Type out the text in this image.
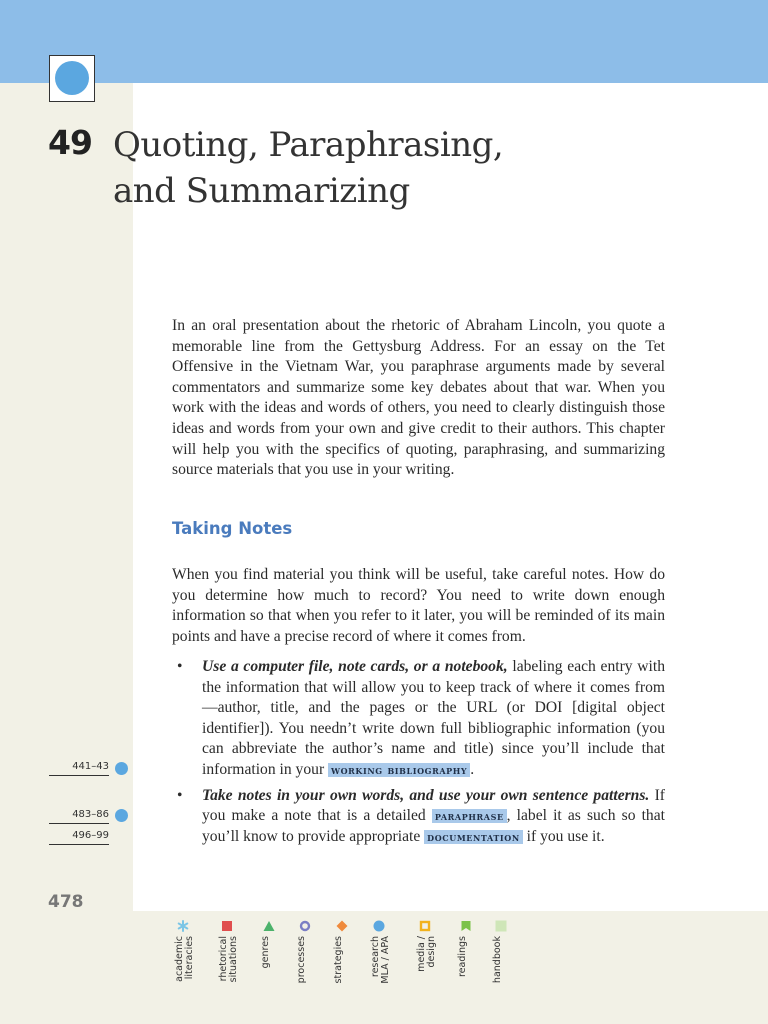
49 Quoting, Paraphrasing,
and Summarizing

In an oral presentation about the rhetoric of Abraham Lincoln, you quote a memorable line from the Gettysburg Address. For an essay on the Tet Offensive in the Vietnam War, you paraphrase arguments made by several commentators and summarize some key debates about that war. When you work with the ideas and words of others, you need to clearly distinguish those ideas and words from your own and give credit to their authors. This chapter will help you with the specifics of quoting, paraphrasing, and summarizing source materials that you use in your writing.

Taking Notes

When you find material you think will be useful, take careful notes. How do you determine how much to record? You need to write down enough information so that when you refer to it later, you will be reminded of its main points and have a precise record of where it comes from.

• Use a computer file, note cards, or a notebook, labeling each entry with the information that will allow you to keep track of where it comes from—author, title, and the pages or the URL (or DOI [digital object identifier]). You needn’t write down full bibliographic information (you can abbreviate the author’s name and title) since you’ll include that information in your working bibliography .
• Take notes in your own words, and use your own sentence patterns. If you make a note that is a detailed paraphrase , label it as such so that you’ll know to provide appropriate documentation if you use it.
441–43
483–86
496–99
478
academic literacies rhetorical situations genres	processes	strategies	research MLA / APA	media / design readings	handbook
